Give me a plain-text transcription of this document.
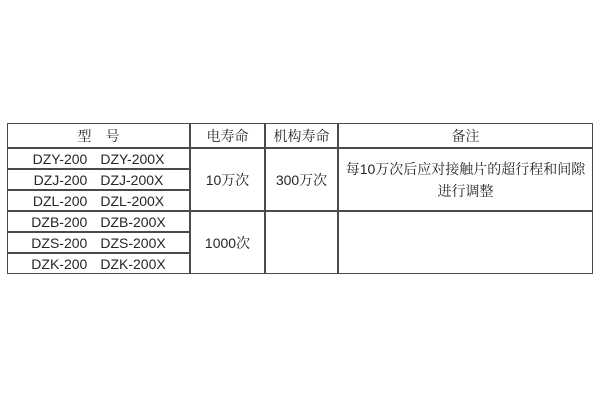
型　号	电寿命	机构寿命	备注
DZY-200 DZY-200X	10万次	300万次	每10万次后应对接触片的超行程和间隙
进行调整

DZJ-200 DZJ-200X			
DZL-200 DZL-200X			
DZB-200 DZB-200X	1000次		

DZS-200 DZS-200X			
DZK-200 DZK-200X			
